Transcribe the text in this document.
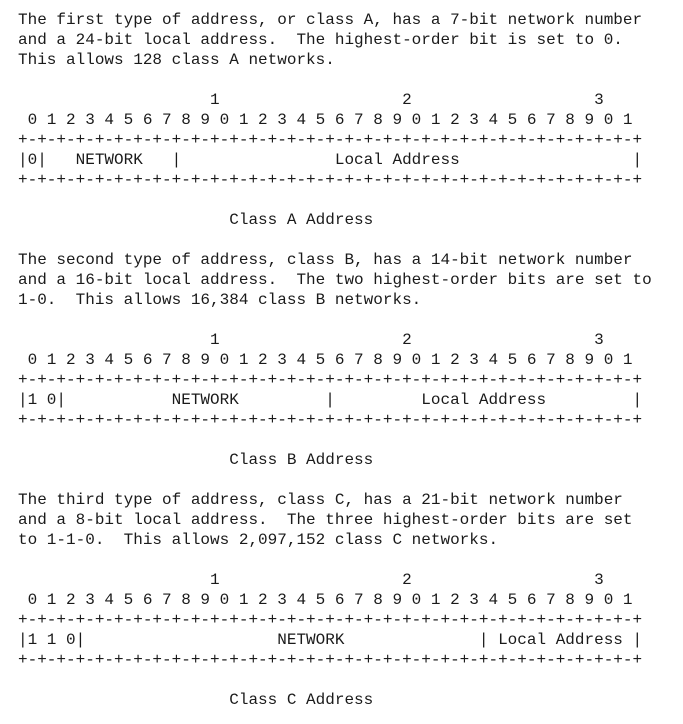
The first type of address, or class A, has a 7-bit network number
and a 24-bit local address.  The highest-order bit is set to 0.
This allows 128 class A networks.
1                   2                   3
0 1 2 3 4 5 6 7 8 9 0 1 2 3 4 5 6 7 8 9 0 1 2 3 4 5 6 7 8 9 0 1
+-+-+-+-+-+-+-+-+-+-+-+-+-+-+-+-+-+-+-+-+-+-+-+-+-+-+-+-+-+-+-+-+
|0|   NETWORK   |                Local Address                  |
+-+-+-+-+-+-+-+-+-+-+-+-+-+-+-+-+-+-+-+-+-+-+-+-+-+-+-+-+-+-+-+-+
Class A Address
The second type of address, class B, has a 14-bit network number
and a 16-bit local address.  The two highest-order bits are set to
1-0.  This allows 16,384 class B networks.
1                   2                   3
0 1 2 3 4 5 6 7 8 9 0 1 2 3 4 5 6 7 8 9 0 1 2 3 4 5 6 7 8 9 0 1
+-+-+-+-+-+-+-+-+-+-+-+-+-+-+-+-+-+-+-+-+-+-+-+-+-+-+-+-+-+-+-+-+
|1 0|           NETWORK         |         Local Address         |
+-+-+-+-+-+-+-+-+-+-+-+-+-+-+-+-+-+-+-+-+-+-+-+-+-+-+-+-+-+-+-+-+
Class B Address
The third type of address, class C, has a 21-bit network number
and a 8-bit local address.  The three highest-order bits are set
to 1-1-0.  This allows 2,097,152 class C networks.
1                   2                   3
0 1 2 3 4 5 6 7 8 9 0 1 2 3 4 5 6 7 8 9 0 1 2 3 4 5 6 7 8 9 0 1
+-+-+-+-+-+-+-+-+-+-+-+-+-+-+-+-+-+-+-+-+-+-+-+-+-+-+-+-+-+-+-+-+
|1 1 0|                    NETWORK              | Local Address |
+-+-+-+-+-+-+-+-+-+-+-+-+-+-+-+-+-+-+-+-+-+-+-+-+-+-+-+-+-+-+-+-+
Class C Address
